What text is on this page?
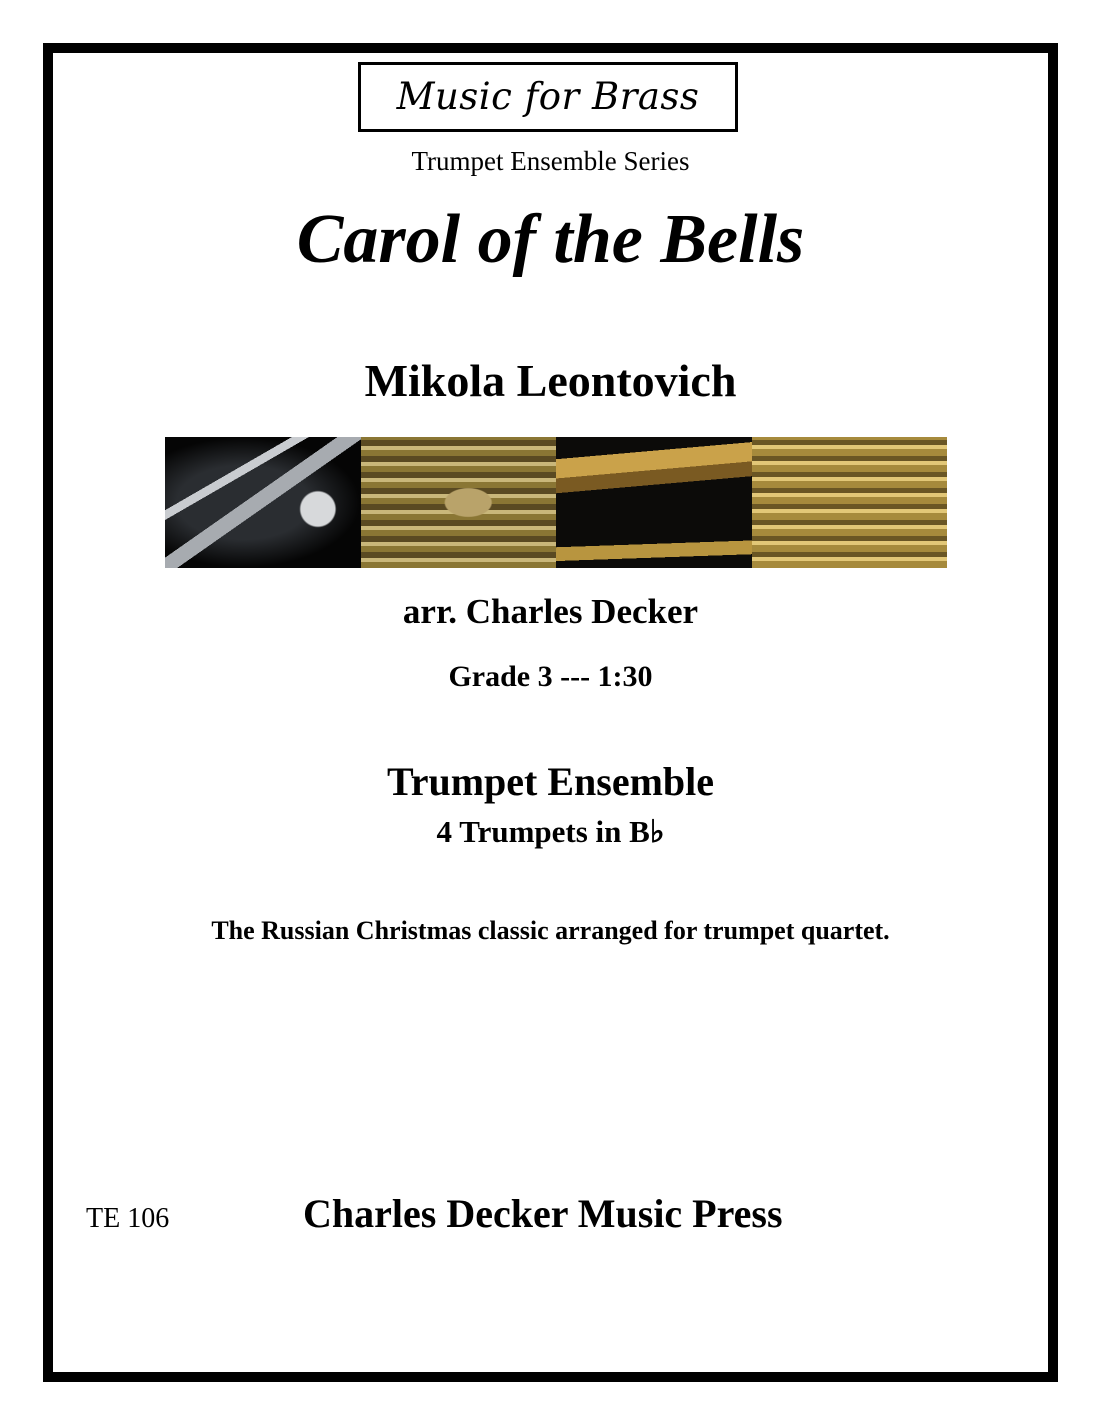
Music for Brass
Trumpet Ensemble Series
Carol of the Bells
Mikola Leontovich
arr. Charles Decker
Grade 3 --- 1:30
Trumpet Ensemble
4 Trumpets in B♭
The Russian Christmas classic arranged for trumpet quartet.
TE 106	Charles Decker Music Press
